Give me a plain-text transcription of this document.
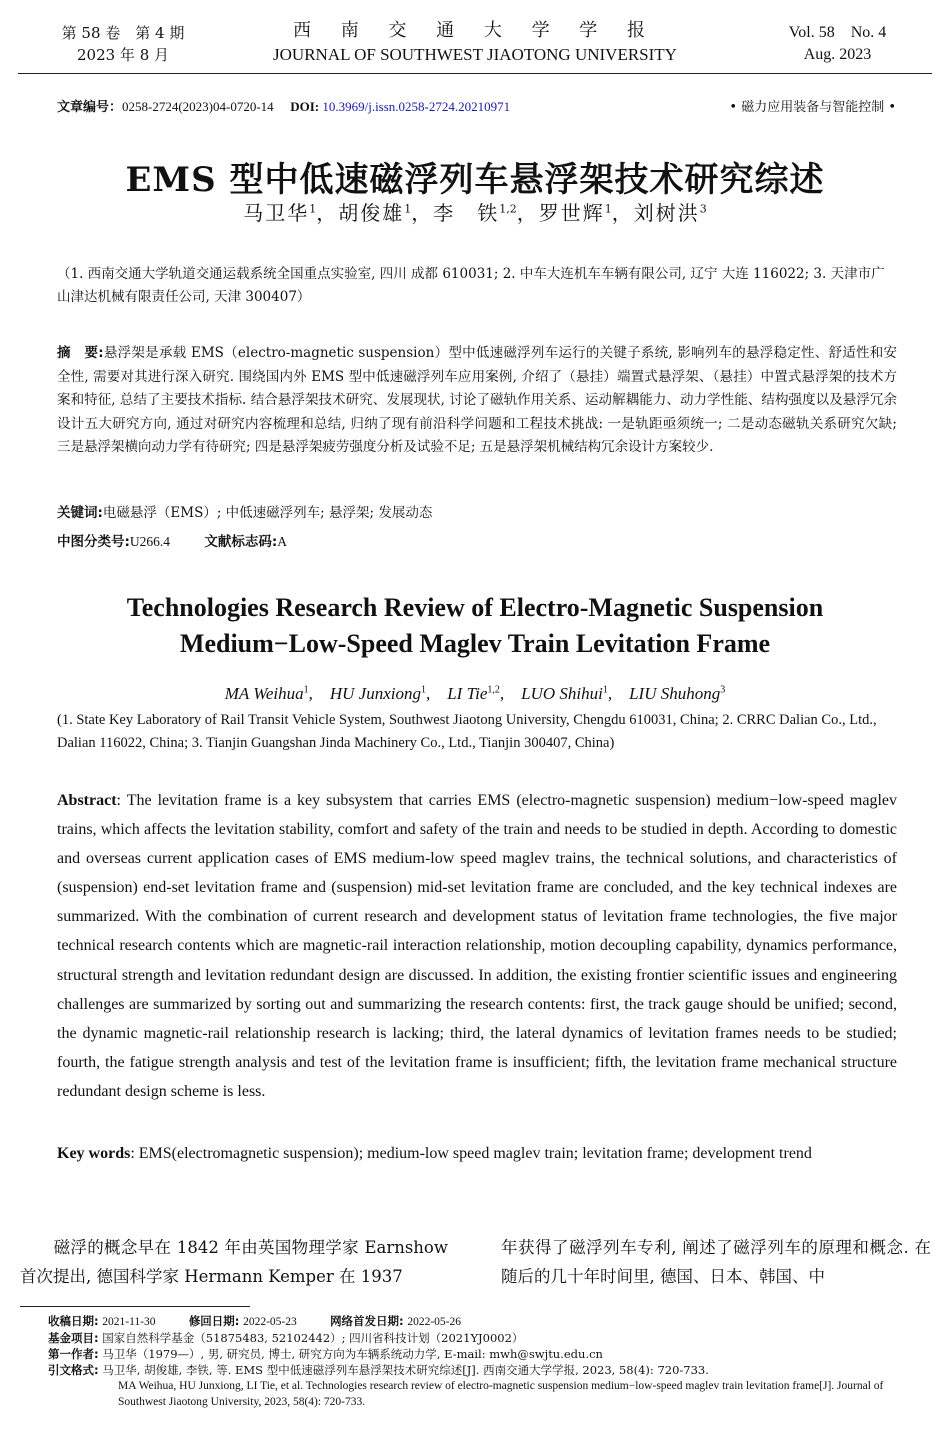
第 58 卷　第 4 期
2023 年 8 月
西 南 交 通 大 学 学 报
JOURNAL OF SOUTHWEST JIAOTONG UNIVERSITY
Vol. 58　No. 4
Aug. 2023
文章编号：0258-2724(2023)04-0720-14 DOI: 10.3969/j.issn.0258-2724.20210971	• 磁力应用装备与智能控制 •
EMS 型中低速磁浮列车悬浮架技术研究综述
马卫华$^1$，胡俊雄$^1$，李　铁$^{1,2}$，罗世辉$^1$，刘树洪$^3$
（1. 西南交通大学轨道交通运载系统全国重点实验室, 四川 成都 610031; 2. 中车大连机车车辆有限公司, 辽宁 大连 116022; 3. 天津市广山津达机械有限责任公司, 天津 300407）
摘　要:悬浮架是承载 EMS（electro-magnetic suspension）型中低速磁浮列车运行的关键子系统, 影响列车的悬浮稳定性、舒适性和安全性, 需要对其进行深入研究. 围绕国内外 EMS 型中低速磁浮列车应用案例, 介绍了（悬挂）端置式悬浮架、（悬挂）中置式悬浮架的技术方案和特征, 总结了主要技术指标. 结合悬浮架技术研究、发展现状, 讨论了磁轨作用关系、运动解耦能力、动力学性能、结构强度以及悬浮冗余设计五大研究方向, 通过对研究内容梳理和总结, 归纳了现有前沿科学问题和工程技术挑战: 一是轨距亟须统一; 二是动态磁轨关系研究欠缺; 三是悬浮架横向动力学有待研究; 四是悬浮架疲劳强度分析及试验不足; 五是悬浮架机械结构冗余设计方案较少.
关键词:电磁悬浮（EMS）; 中低速磁浮列车; 悬浮架; 发展动态
中图分类号:U266.4	文献标志码:A
Technologies Research Review of Electro-Magnetic Suspension
Medium−Low-Speed Maglev Train Levitation Frame
MA Weihua$^1$,　HU Junxiong$^1$,　LI Tie$^{1,2}$,　LUO Shihui$^1$,　LIU Shuhong$^3$
(1. State Key Laboratory of Rail Transit Vehicle System, Southwest Jiaotong University, Chengdu 610031, China; 2. CRRC Dalian Co., Ltd., Dalian 116022, China; 3. Tianjin Guangshan Jinda Machinery Co., Ltd., Tianjin 300407, China)
Abstract: The levitation frame is a key subsystem that carries EMS (electro-magnetic suspension) medium−low-speed maglev trains, which affects the levitation stability, comfort and safety of the train and needs to be studied in depth. According to domestic and overseas current application cases of EMS medium-low speed maglev trains, the technical solutions, and characteristics of (suspension) end-set levitation frame and (suspension) mid-set levitation frame are concluded, and the key technical indexes are summarized. With the combination of current research and development status of levitation frame technologies, the five major technical research contents which are magnetic-rail interaction relationship, motion decoupling capability, dynamics performance, structural strength and levitation redundant design are discussed. In addition, the existing frontier scientific issues and engineering challenges are summarized by sorting out and summarizing the research contents: first, the track gauge should be unified; second, the dynamic magnetic-rail relationship research is lacking; third, the lateral dynamics of levitation frames needs to be studied; fourth, the fatigue strength analysis and test of the levitation frame is insufficient; fifth, the levitation frame mechanical structure redundant design scheme is less.
Key words: EMS(electromagnetic suspension); medium-low speed maglev train; levitation frame; development trend
　　磁浮的概念早在 1842 年由英国物理学家 Earnshow 首次提出, 德国科学家 Hermann Kemper 在 1937
年获得了磁浮列车专利, 阐述了磁浮列车的原理和概念. 在随后的几十年时间里, 德国、日本、韩国、中
收稿日期: 2021-11-30	修回日期: 2022-05-23	网络首发日期: 2022-05-26
基金项目: 国家自然科学基金（51875483, 52102442）; 四川省科技计划（2021YJ0002）
第一作者: 马卫华（1979—）, 男, 研究员, 博士, 研究方向为车辆系统动力学, E-mail: mwh@swjtu.edu.cn
引文格式: 马卫华, 胡俊雄, 李铁, 等. EMS 型中低速磁浮列车悬浮架技术研究综述[J]. 西南交通大学学报, 2023, 58(4): 720-733.
MA Weihua, HU Junxiong, LI Tie, et al. Technologies research review of electro-magnetic suspension medium−low-speed maglev train levitation frame[J]. Journal of Southwest Jiaotong University, 2023, 58(4): 720-733.
